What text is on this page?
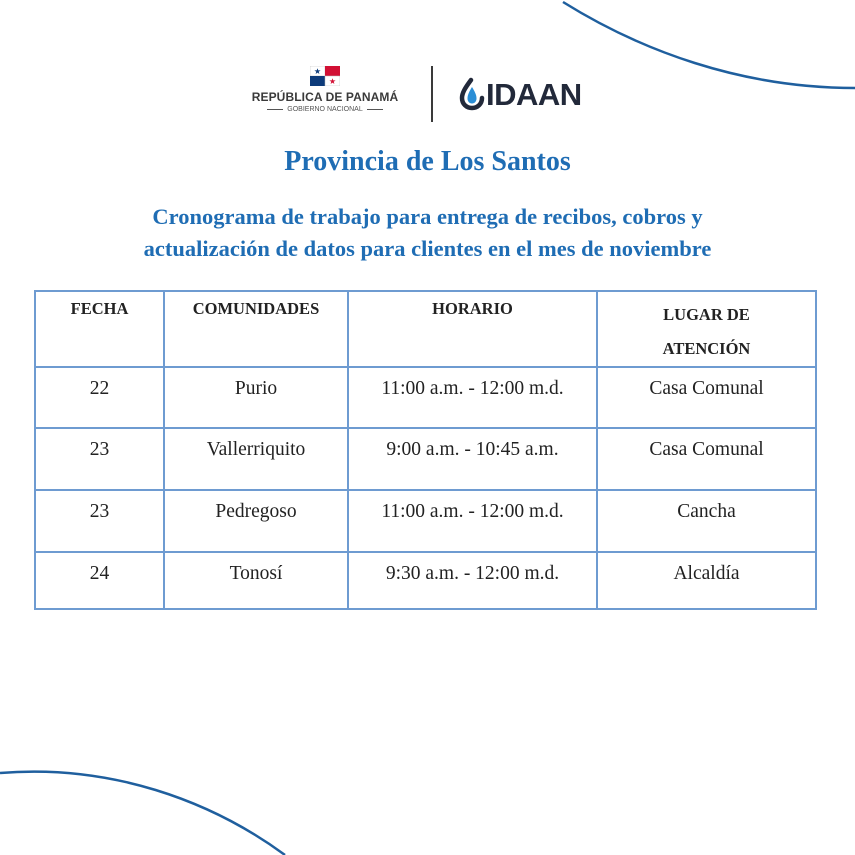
REPÚBLICA DE PANAMÁ
GOBIERNO NACIONAL	IDAAN
Provincia de Los Santos
Cronograma de trabajo para entrega de recibos, cobros y
actualización de datos para clientes en el mes de noviembre
FECHA	COMUNIDADES	HORARIO	LUGAR DE
ATENCIÓN
22	Purio	11:00 a.m. - 12:00 m.d.	Casa Comunal
23	Vallerriquito	9:00 a.m. - 10:45 a.m.	Casa Comunal
23	Pedregoso	11:00 a.m. - 12:00 m.d.	Cancha
24	Tonosí	9:30 a.m. - 12:00 m.d.	Alcaldía
